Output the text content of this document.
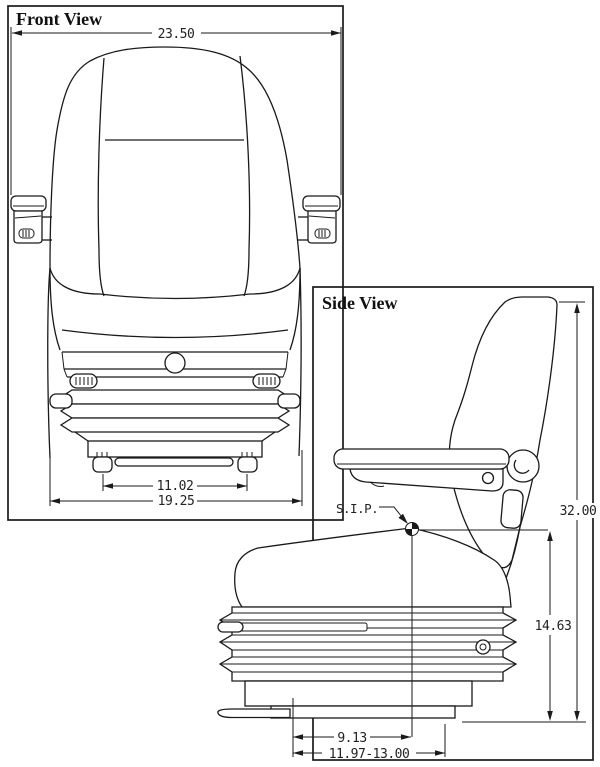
Front View
23.50
11.02
19.25
Side View
S.I.P.	32.00
14.63
9.13
11.97-13.00
